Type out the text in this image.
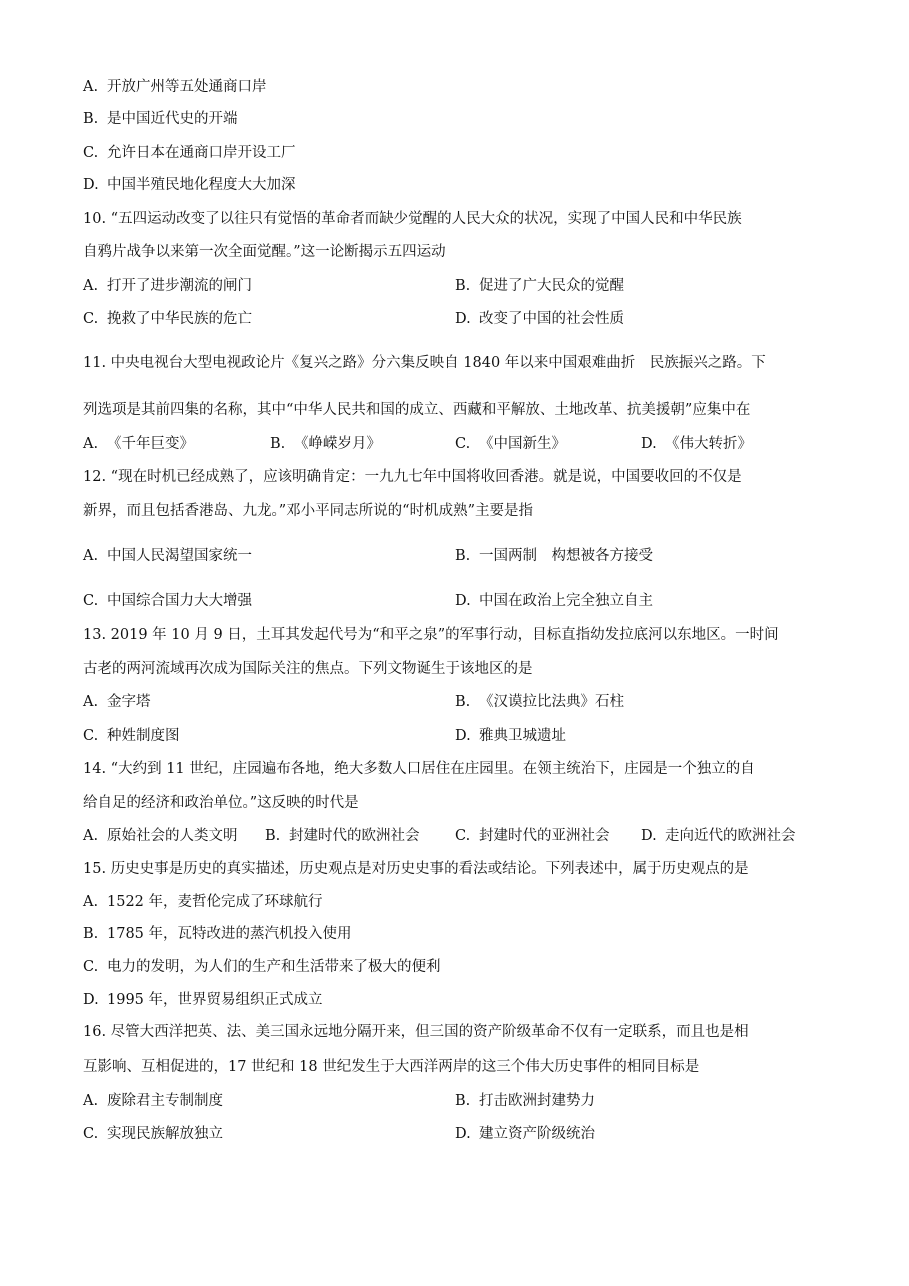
A. 开放广州等五处通商口岸
B. 是中国近代史的开端
C. 允许日本在通商口岸开设工厂
D. 中国半殖民地化程度大大加深
10. “五四运动改变了以往只有觉悟的革命者而缺少觉醒的人民大众的状况，实现了中国人民和中华民族
自鸦片战争以来第一次全面觉醒。”这一论断揭示五四运动
A. 打开了进步潮流的闸门	B. 促进了广大民众的觉醒
C. 挽救了中华民族的危亡	D. 改变了中国的社会性质
11. 中央电视台大型电视政论片《复兴之路》分六集反映自 1840 年以来中国艰难曲折　民族振兴之路。下
列选项是其前四集的名称，其中“中华人民共和国的成立、西藏和平解放、土地改革、抗美援朝”应集中在
A. 《千年巨变》	B. 《峥嵘岁月》	C. 《中国新生》	D. 《伟大转折》
12. “现在时机已经成熟了，应该明确肯定：一九九七年中国将收回香港。就是说，中国要收回的不仅是
新界，而且包括香港岛、九龙。”邓小平同志所说的“时机成熟”主要是指
A. 中国人民渴望国家统一	B. 一国两制　构想被各方接受
C. 中国综合国力大大增强	D. 中国在政治上完全独立自主
13. 2019 年 10 月 9 日，土耳其发起代号为“和平之泉”的军事行动，目标直指幼发拉底河以东地区。一时间
古老的两河流域再次成为国际关注的焦点。下列文物诞生于该地区的是
A. 金字塔	B. 《汉谟拉比法典》石柱
C. 种姓制度图	D. 雅典卫城遗址
14. “大约到 11 世纪，庄园遍布各地，绝大多数人口居住在庄园里。在领主统治下，庄园是一个独立的自
给自足的经济和政治单位。”这反映的时代是
A. 原始社会的人类文明 B. 封建时代的欧洲社会 C. 封建时代的亚洲社会 D. 走向近代的欧洲社会
15. 历史史事是历史的真实描述，历史观点是对历史史事的看法或结论。下列表述中，属于历史观点的是
A. 1522 年，麦哲伦完成了环球航行
B. 1785 年，瓦特改进的蒸汽机投入使用
C. 电力的发明，为人们的生产和生活带来了极大的便利
D. 1995 年，世界贸易组织正式成立
16. 尽管大西洋把英、法、美三国永远地分隔开来，但三国的资产阶级革命不仅有一定联系，而且也是相
互影响、互相促进的，17 世纪和 18 世纪发生于大西洋两岸的这三个伟大历史事件的相同目标是
A. 废除君主专制制度	B. 打击欧洲封建势力
C. 实现民族解放独立	D. 建立资产阶级统治
